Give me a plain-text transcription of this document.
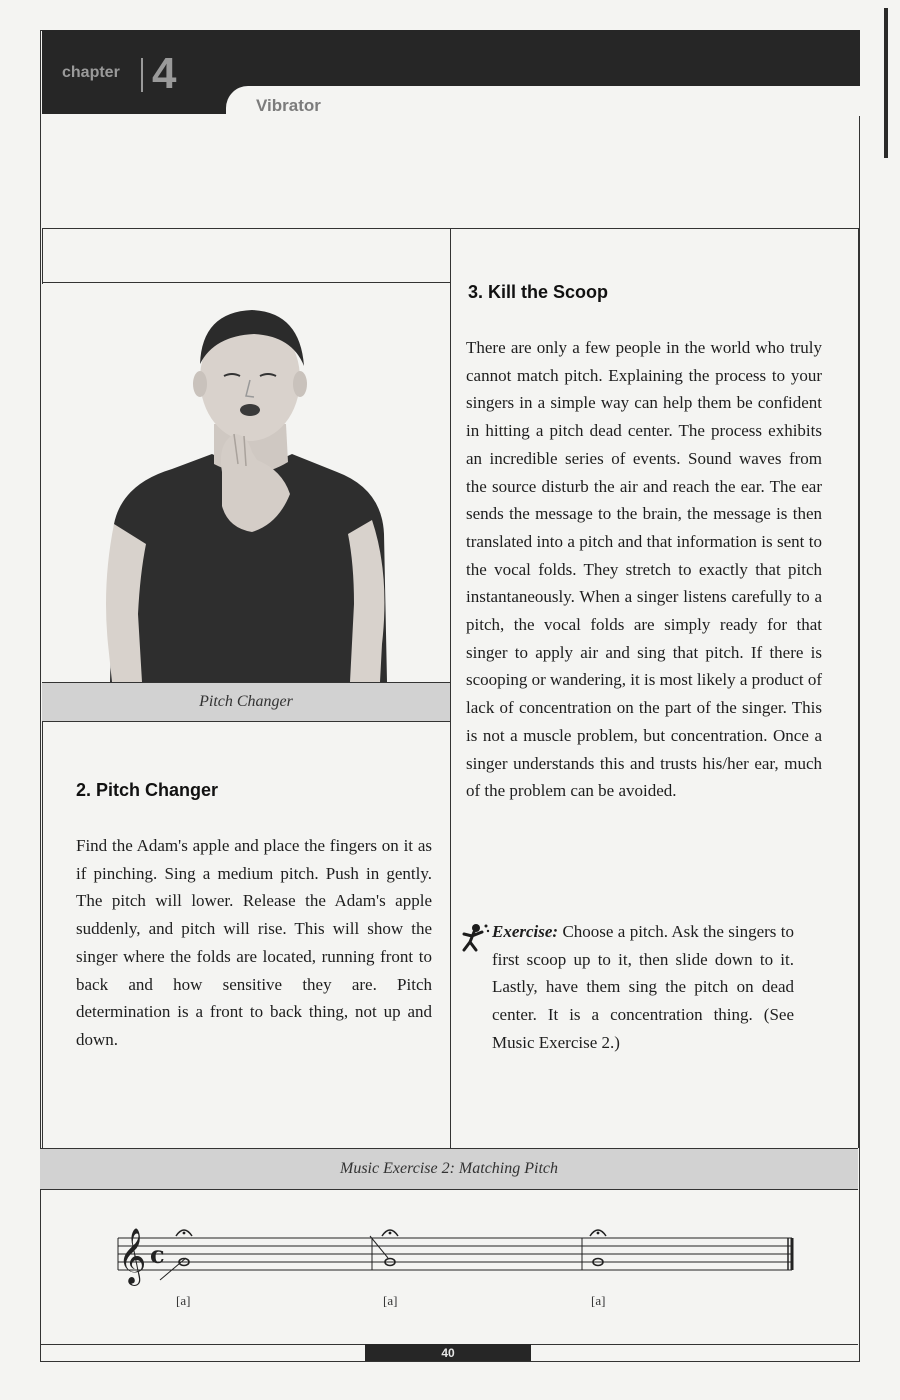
chapter 4
Vibrator
Pitch Changer
2. Pitch Changer
Find the Adam's apple and place the fingers on it as if pinching. Sing a medium pitch. Push in gently. The pitch will lower. Release the Adam's apple suddenly, and pitch will rise. This will show the singer where the folds are located, running front to back and how sensitive they are. Pitch determination is a front to back thing, not up and down.
3. Kill the Scoop
There are only a few people in the world who truly cannot match pitch. Explaining the process to your singers in a simple way can help them be confident in hitting a pitch dead center. The process exhibits an incredible series of events. Sound waves from the source disturb the air and reach the ear. The ear sends the message to the brain, the message is then translated into a pitch and that information is sent to the vocal folds. They stretch to exactly that pitch instantaneously. When a singer listens carefully to a pitch, the vocal folds are simply ready for that singer to apply air and sing that pitch. If there is scooping or wandering, it is most likely a product of lack of concentration on the part of the singer. This is not a muscle problem, but concentration. Once a singer understands this and trusts his/her ear, much of the problem can be avoided.
Exercise: Choose a pitch. Ask the singers to first scoop up to it, then slide down to it. Lastly, have them sing the pitch on dead center. It is a concentration thing. (See Music Exercise 2.)
Music Exercise 2: Matching Pitch
𝄞 c
[a]	[a]	[a]
40
